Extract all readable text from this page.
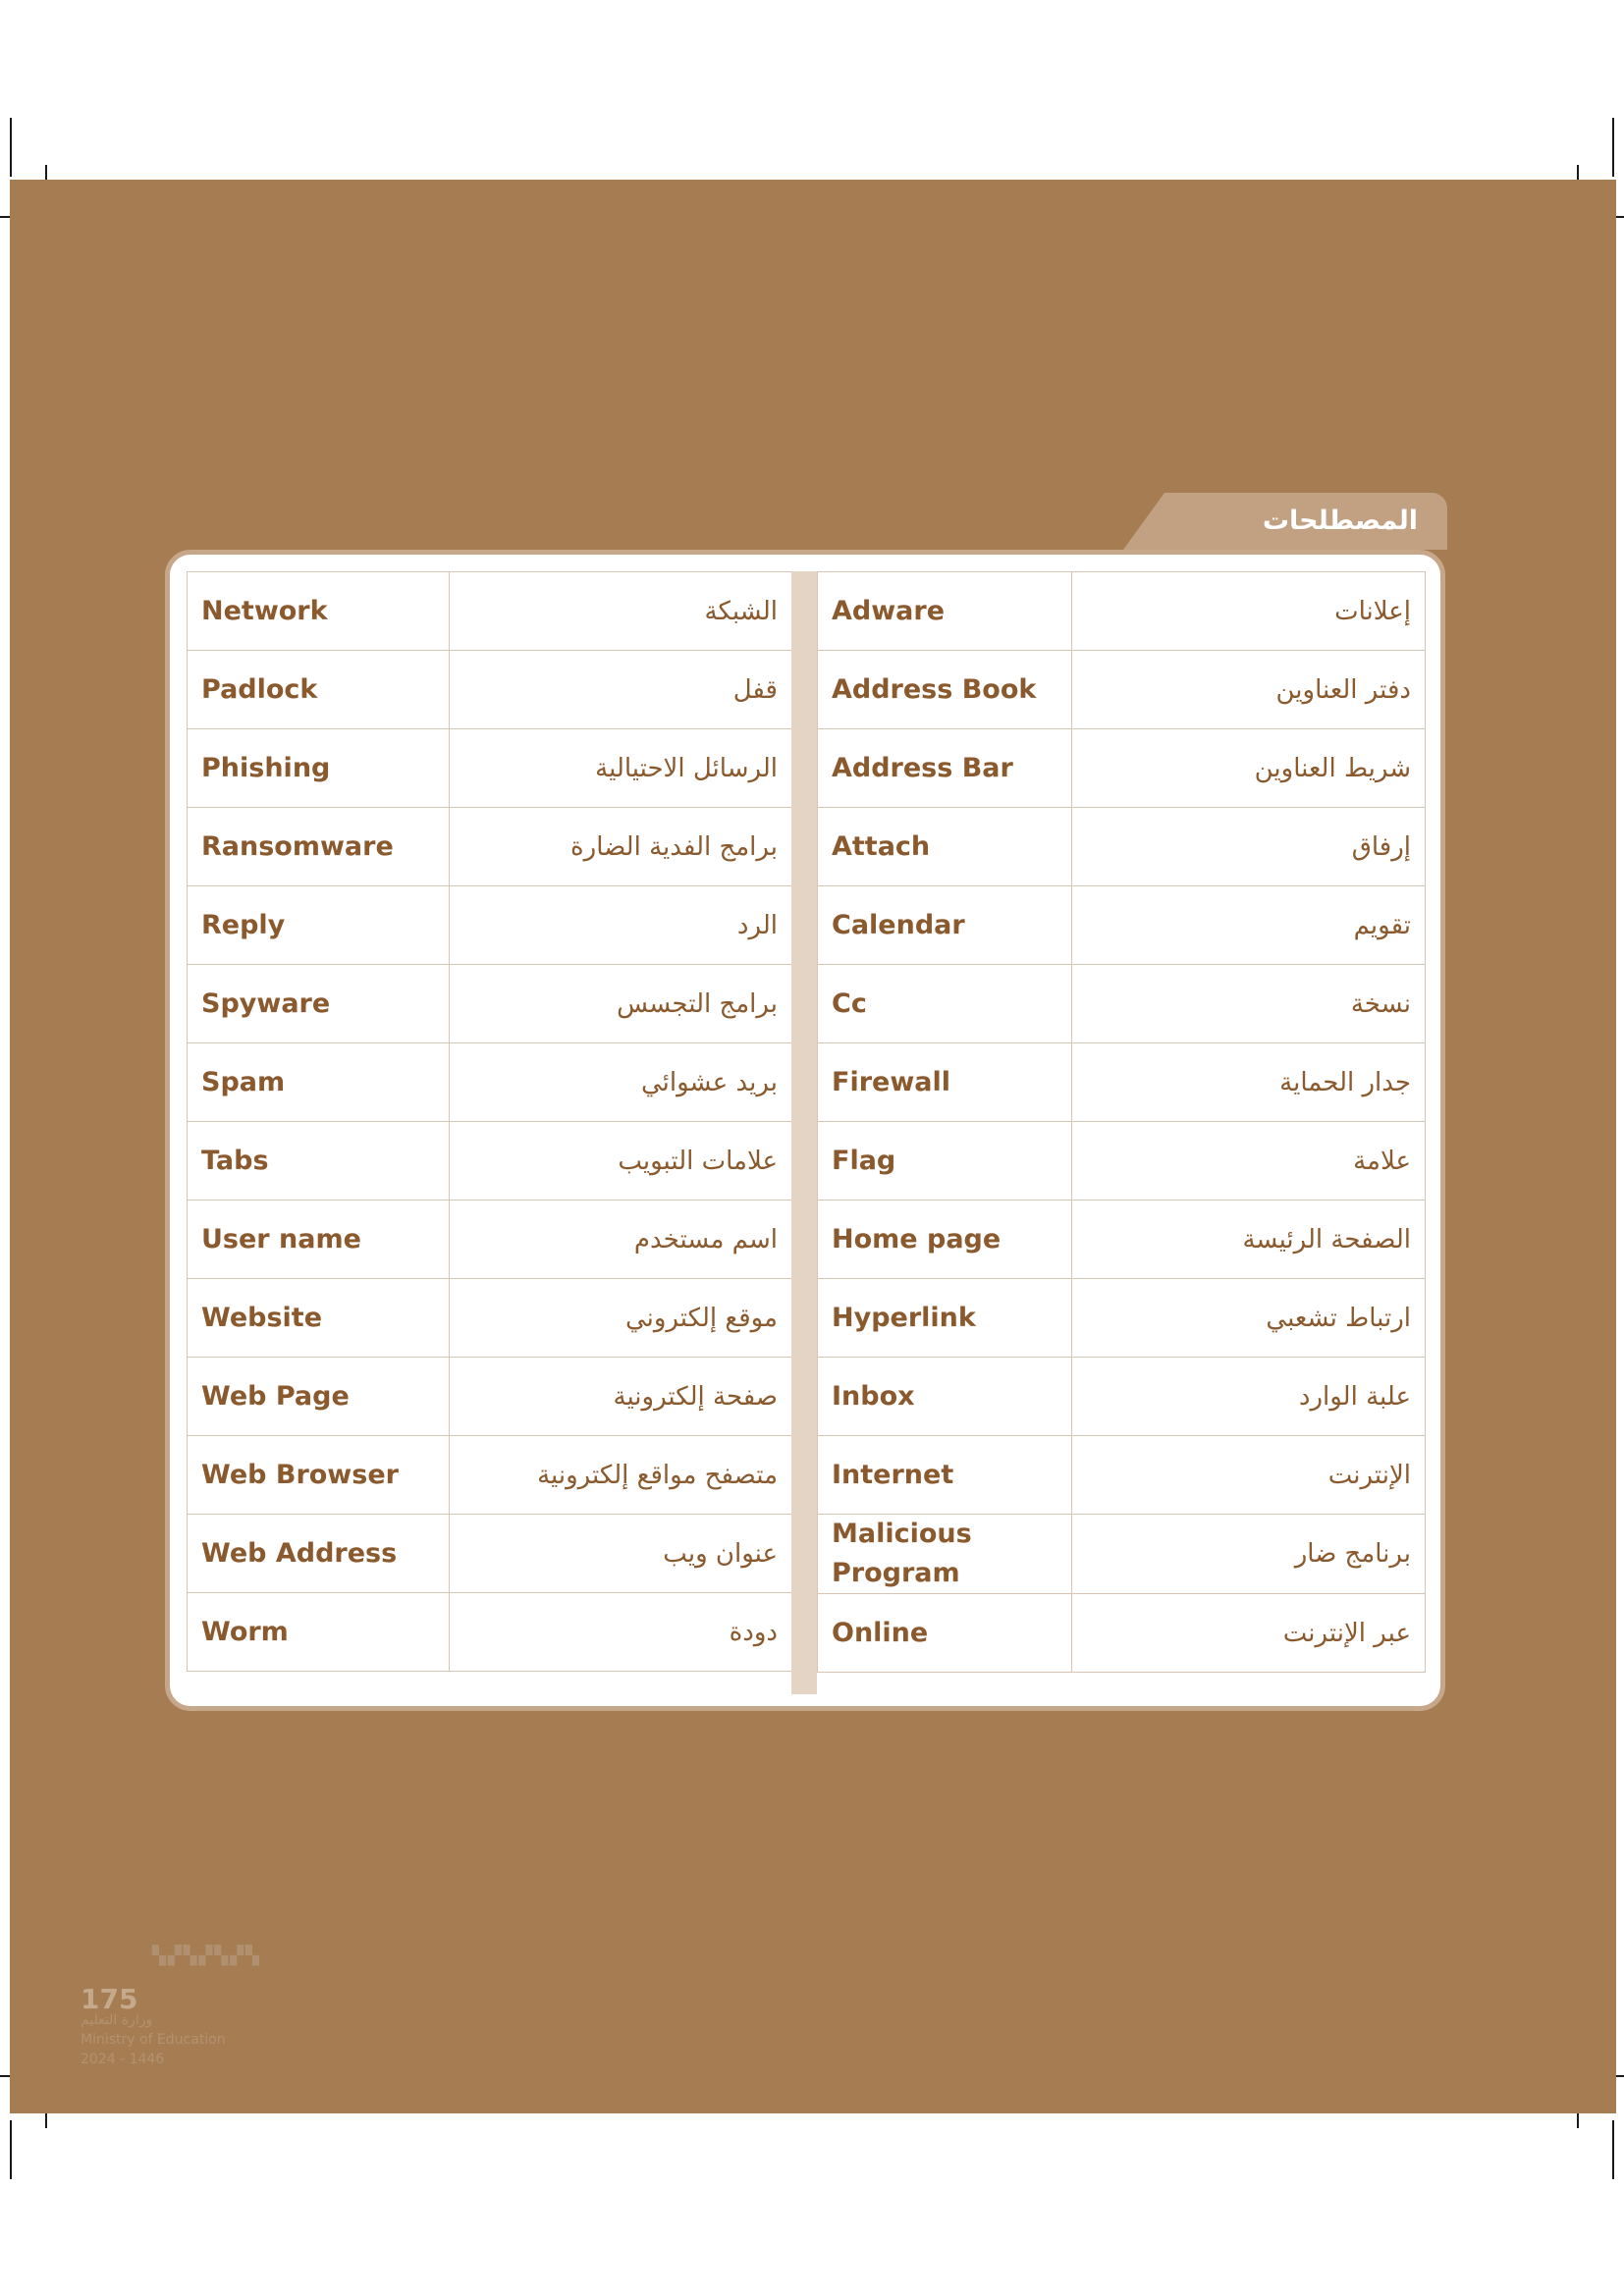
المصطلحات
Network	الشبكة
Padlock	قفل
Phishing	الرسائل الاحتيالية
Ransomware	برامج الفدية الضارة
Reply	الرد
Spyware	برامج التجسس
Spam	بريد عشوائي
Tabs	علامات التبويب
User name	اسم مستخدم
Website	موقع إلكتروني
Web Page	صفحة إلكترونية
Web Browser	متصفح مواقع إلكترونية
Web Address	عنوان ويب
Worm	دودة
Adware	إعلانات
Address Book	دفتر العناوين
Address Bar	شريط العناوين
Attach	إرفاق
Calendar	تقويم
Cc	نسخة
Firewall	جدار الحماية
Flag	علامة
Home page	الصفحة الرئيسة
Hyperlink	ارتباط تشعبي
Inbox	علبة الوارد
Internet	الإنترنت
Malicious Program	برنامج ضار
Online	عبر الإنترنت
▚▞▚▞▚▞▚
175
وزارة التعليم
Ministry of Education
2024 - 1446
